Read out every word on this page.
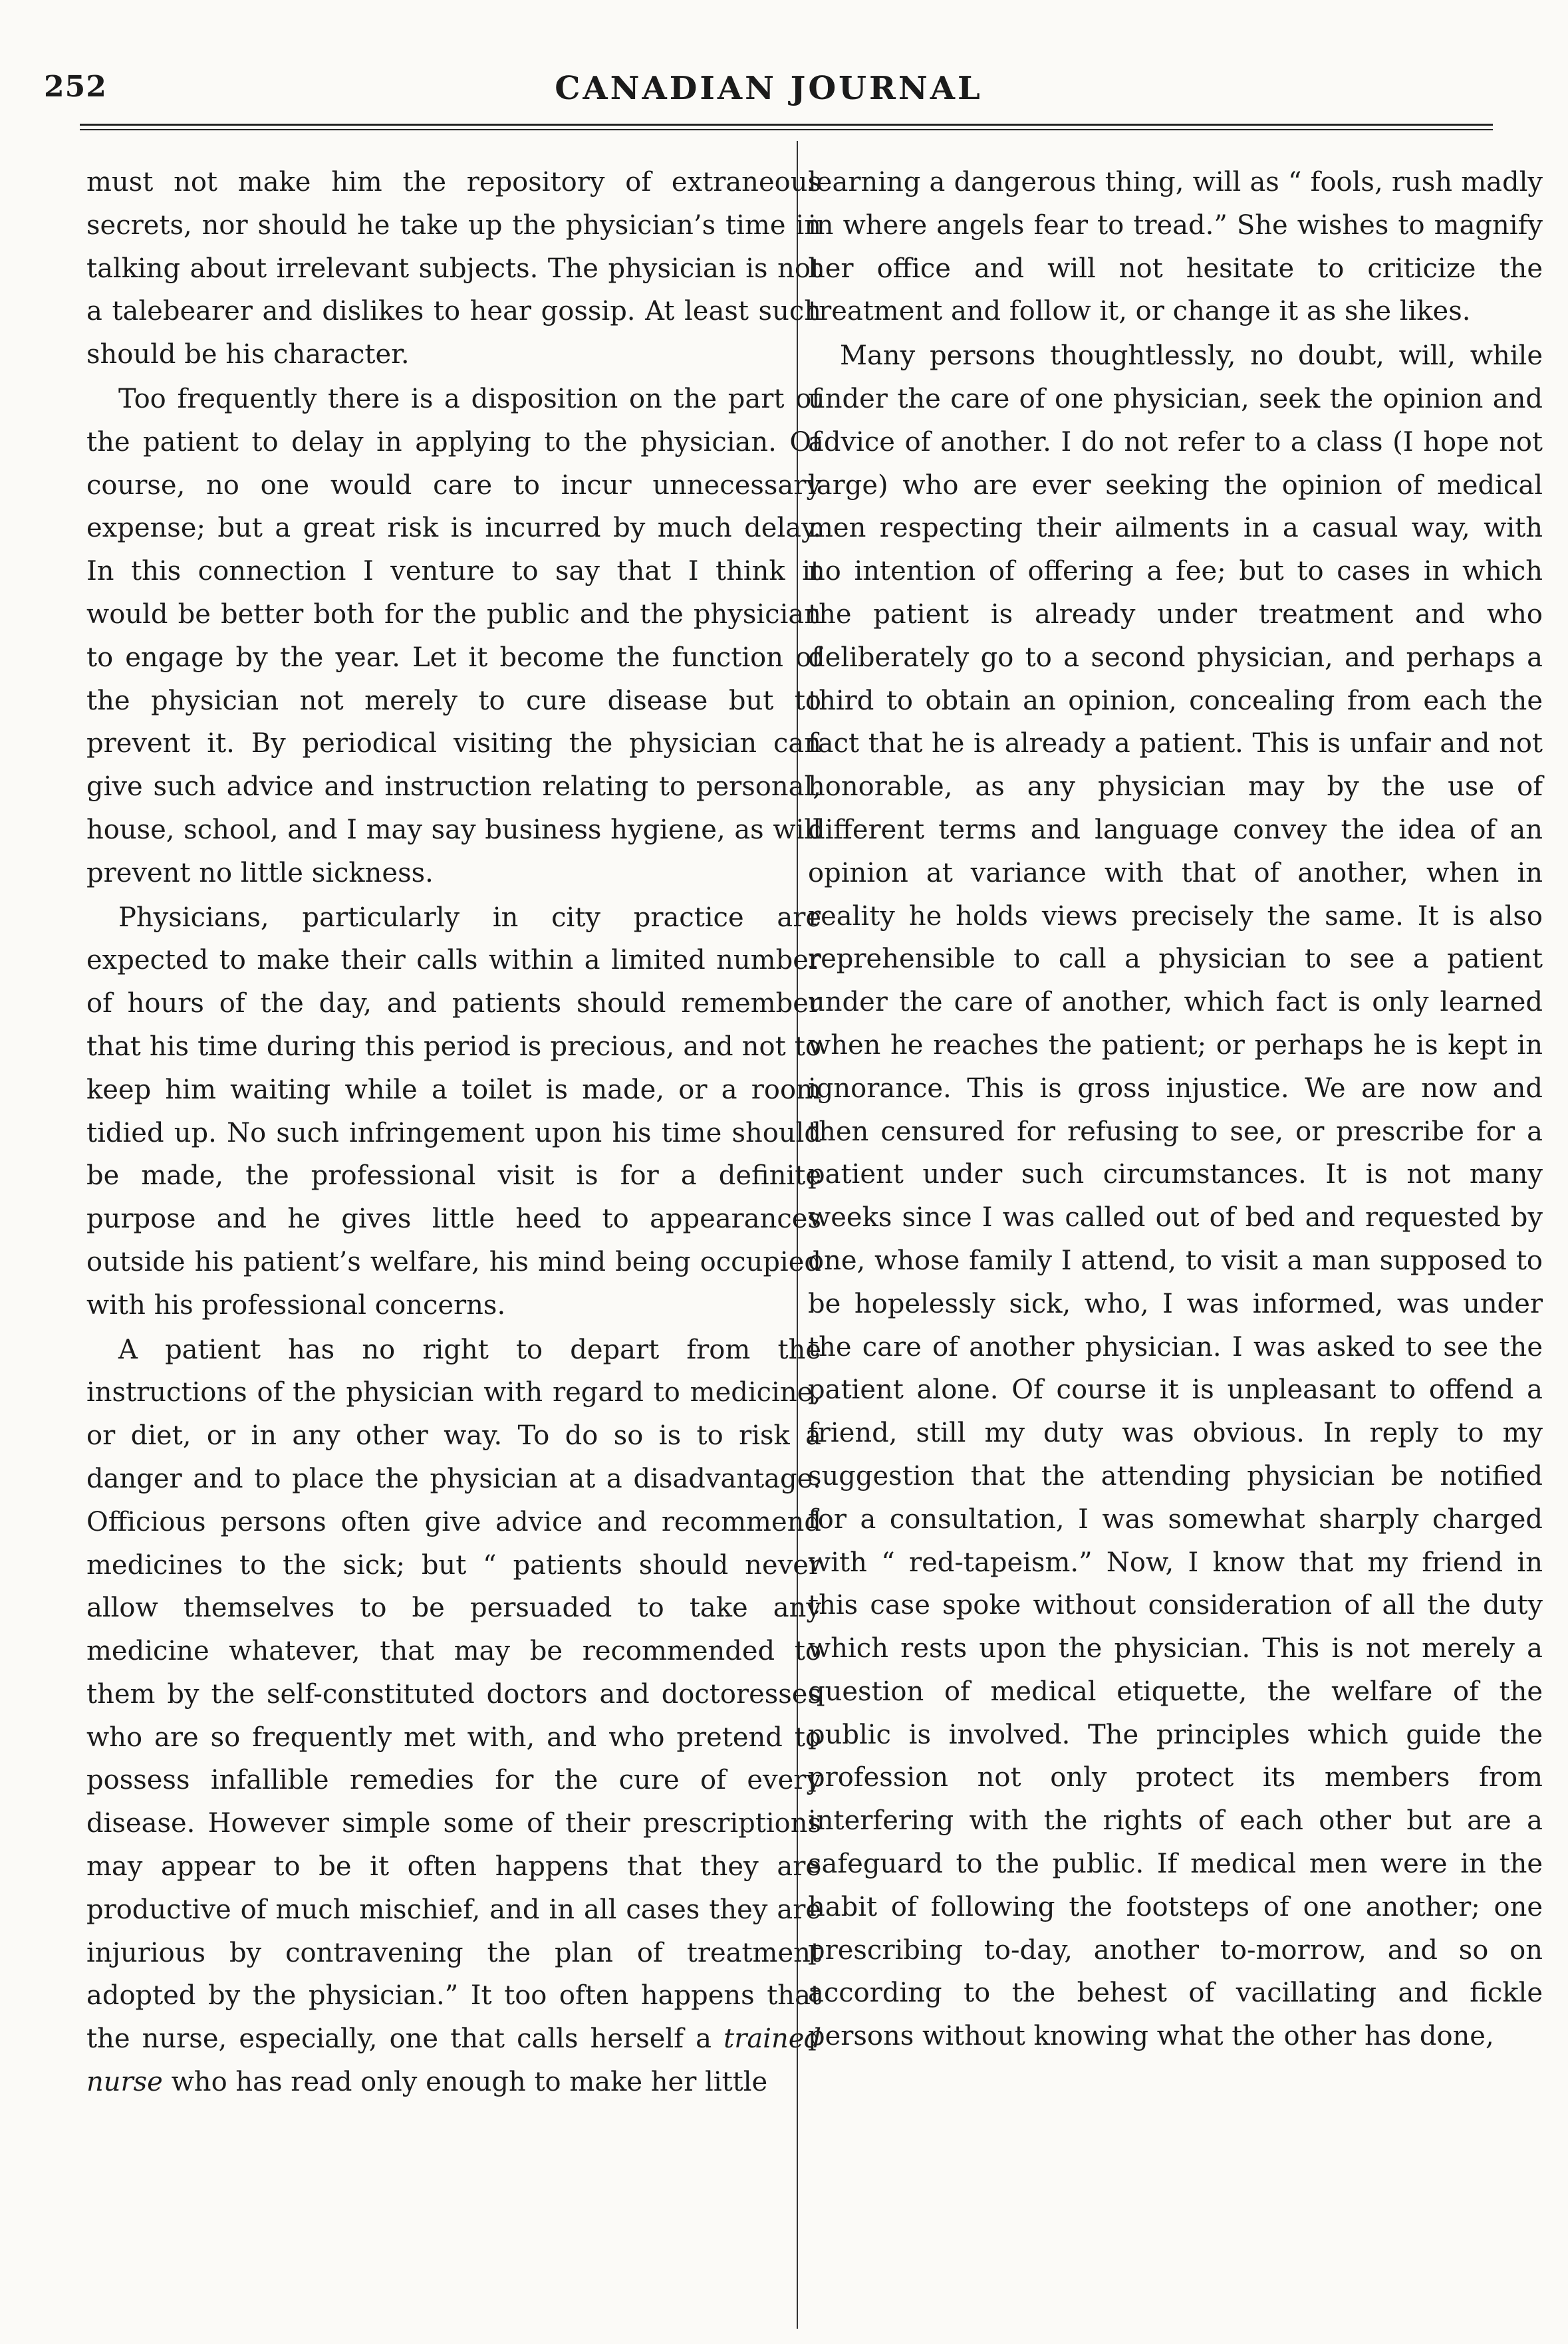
252	CANADIAN JOURNAL

must not make him the repository of extraneous secrets, nor should he take up the physician’s time in talking about irrelevant subjects. The physician is not a talebearer and dislikes to hear gossip. At least such should be his character.

Too frequently there is a disposition on the part of the patient to delay in applying to the physician. Of course, no one would care to incur unnecessary expense; but a great risk is incurred by much delay. In this connection I venture to say that I think it would be better both for the public and the physician to engage by the year. Let it become the function of the physician not merely to cure disease but to prevent it. By periodical visiting the physician can give such advice and instruction relating to personal, house, school, and I may say business hygiene, as will prevent no little sickness.

Physicians, particularly in city practice are expected to make their calls within a limited number of hours of the day, and patients should remember that his time during this period is precious, and not to keep him waiting while a toilet is made, or a room tidied up. No such infringement upon his time should be made, the professional visit is for a definite purpose and he gives little heed to appearances outside his patient’s welfare, his mind being occupied with his professional concerns.

A patient has no right to depart from the instructions of the physician with regard to medicine, or diet, or in any other way. To do so is to risk a danger and to place the physician at a disadvantage. Officious persons often give advice and recommend medicines to the sick; but “ patients should never allow themselves to be persuaded to take any medicine whatever, that may be recommended to them by the self-constituted doctors and doctoresses who are so frequently met with, and who pretend to possess infallible remedies for the cure of every disease. However simple some of their prescriptions may appear to be it often happens that they are productive of much mischief, and in all cases they are injurious by contravening the plan of treatment adopted by the physician.” It too often happens that the nurse, especially, one that calls herself a trained nurse who has read only enough to make her little

learning a dangerous thing, will as “ fools, rush madly in where angels fear to tread.” She wishes to magnify her office and will not hesitate to criticize the treatment and follow it, or change it as she likes.

Many persons thoughtlessly, no doubt, will, while under the care of one physician, seek the opinion and advice of another. I do not refer to a class (I hope not large) who are ever seeking the opinion of medical men respecting their ailments in a casual way, with no intention of offering a fee; but to cases in which the patient is already under treatment and who deliberately go to a second physician, and perhaps a third to obtain an opinion, concealing from each the fact that he is already a patient. This is unfair and not honorable, as any physician may by the use of different terms and language convey the idea of an opinion at variance with that of another, when in reality he holds views precisely the same. It is also reprehensible to call a physician to see a patient under the care of another, which fact is only learned when he reaches the patient; or perhaps he is kept in ignorance. This is gross injustice. We are now and then censured for refusing to see, or prescribe for a patient under such circumstances. It is not many weeks since I was called out of bed and requested by one, whose family I attend, to visit a man supposed to be hopelessly sick, who, I was informed, was under the care of another physician. I was asked to see the patient alone. Of course it is unpleasant to offend a friend, still my duty was obvious. In reply to my suggestion that the attending physician be notified for a consultation, I was somewhat sharply charged with “ red-tapeism.” Now, I know that my friend in this case spoke without consideration of all the duty which rests upon the physician. This is not merely a question of medical etiquette, the welfare of the public is involved. The principles which guide the profession not only protect its members from interfering with the rights of each other but are a safeguard to the public. If medical men were in the habit of following the footsteps of one another; one prescribing to-day, another to-morrow, and so on according to the behest of vacillating and fickle persons without knowing what the other has done,
